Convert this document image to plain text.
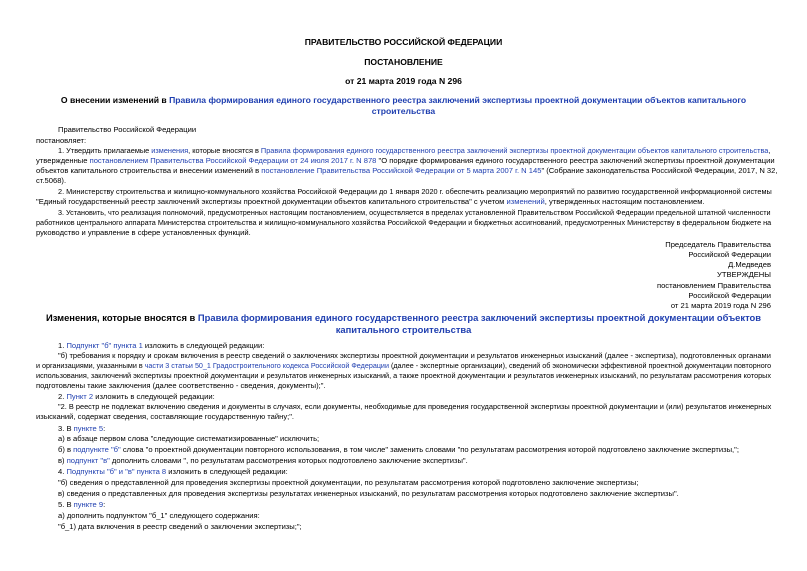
ПРАВИТЕЛЬСТВО РОССИЙСКОЙ ФЕДЕРАЦИИ
ПОСТАНОВЛЕНИЕ
от 21 марта 2019 года N 296
О внесении изменений в Правила формирования единого государственного реестра заключений экспертизы проектной документации объектов капитального
строительства
Правительство Российской Федерации
постановляет:
1. Утвердить прилагаемые изменения, которые вносятся в Правила формирования единого государственного реестра заключений экспертизы проектной документации объектов капитального строительства,
утвержденные постановлением Правительства Российской Федерации от 24 июля 2017 г. N 878 "О порядке формирования единого государственного реестра заключений экспертизы проектной документации
объектов капитального строительства и внесении изменений в постановление Правительства Российской Федерации от 5 марта 2007 г. N 145" (Собрание законодательства Российской Федерации, 2017, N 32,
ст.5068).
2. Министерству строительства и жилищно-коммунального хозяйства Российской Федерации до 1 января 2020 г. обеспечить реализацию мероприятий по развитию государственной информационной системы
"Единый государственный реестр заключений экспертизы проектной документации объектов капитального строительства" с учетом изменений, утвержденных настоящим постановлением.
3. Установить, что реализация полномочий, предусмотренных настоящим постановлением, осуществляется в пределах установленной Правительством Российской Федерации предельной штатной численности
работников центрального аппарата Министерства строительства и жилищно-коммунального хозяйства Российской Федерации и бюджетных ассигнований, предусмотренных Министерству в федеральном бюджете на
руководство и управление в сфере установленных функций.
Председатель Правительства
Российской Федерации
Д.Медведев
УТВЕРЖДЕНЫ
постановлением Правительства
Российской Федерации
от 21 марта 2019 года N 296
Изменения, которые вносятся в Правила формирования единого государственного реестра заключений экспертизы проектной документации объектов
капитального строительства
1. Подпункт "б" пункта 1 изложить в следующей редакции:
"б) требования к порядку и срокам включения в реестр сведений о заключениях экспертизы проектной документации и результатов инженерных изысканий (далее - экспертиза), подготовленных органами
и организациями, указанными в части 3 статьи 50_1 Градостроительного кодекса Российской Федерации (далее - экспертные организации), сведений об экономически эффективной проектной документации повторного
использования, заключений экспертизы проектной документации и результатов инженерных изысканий, а также проектной документации и результатов инженерных изысканий, по результатам рассмотрения которых
подготовлены такие заключения (далее соответственно - сведения, документы);".
2. Пункт 2 изложить в следующей редакции:
"2. В реестр не подлежат включению сведения и документы в случаях, если документы, необходимые для проведения государственной экспертизы проектной документации и (или) результатов инженерных
изысканий, содержат сведения, составляющие государственную тайну;".
3. В пункте 5:
а) в абзаце первом слова "следующие систематизированные" исключить;
б) в подпункте "б" слова "о проектной документации повторного использования, в том числе" заменить словами "по результатам рассмотрения которой подготовлено заключение экспертизы,";
в) подпункт "в" дополнить словами ", по результатам рассмотрения которых подготовлено заключение экспертизы".
4. Подпункты "б" и "в" пункта 8 изложить в следующей редакции:
"б) сведения о представленной для проведения экспертизы проектной документации, по результатам рассмотрения которой подготовлено заключение экспертизы;
в) сведения о представленных для проведения экспертизы результатах инженерных изысканий, по результатам рассмотрения которых подготовлено заключение экспертизы".
5. В пункте 9:
а) дополнить подпунктом "б_1" следующего содержания:
"б_1) дата включения в реестр сведений о заключении экспертизы;";
